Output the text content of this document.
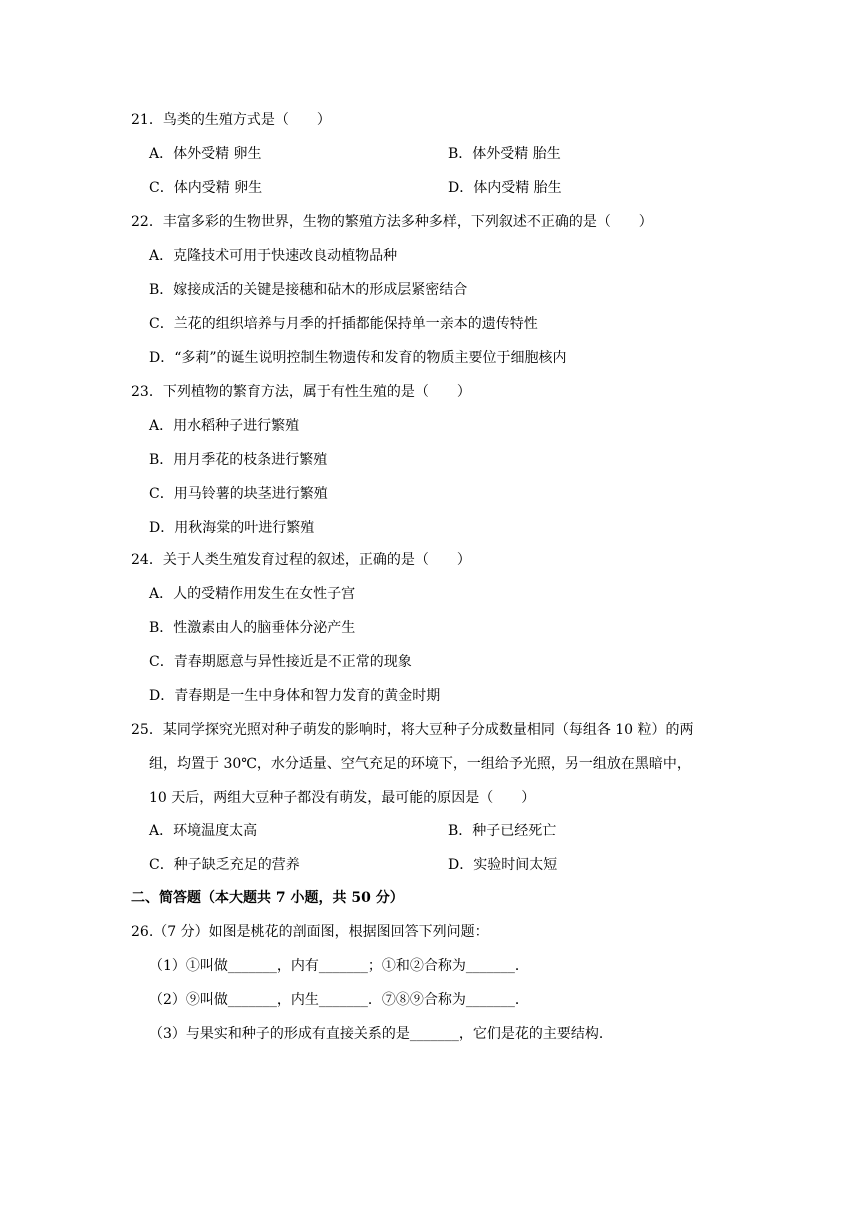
21．鸟类的生殖方式是（　　）
A．体外受精 卵生	B．体外受精 胎生
C．体内受精 卵生	D．体内受精 胎生
22．丰富多彩的生物世界，生物的繁殖方法多种多样，下列叙述不正确的是（　　）
A．克隆技术可用于快速改良动植物品种
B．嫁接成活的关键是接穗和砧木的形成层紧密结合
C．兰花的组织培养与月季的扦插都能保持单一亲本的遗传特性
D．“多莉”的诞生说明控制生物遗传和发育的物质主要位于细胞核内
23．下列植物的繁育方法，属于有性生殖的是（　　）
A．用水稻种子进行繁殖
B．用月季花的枝条进行繁殖
C．用马铃薯的块茎进行繁殖
D．用秋海棠的叶进行繁殖
24．关于人类生殖发育过程的叙述，正确的是（　　）
A．人的受精作用发生在女性子宫
B．性激素由人的脑垂体分泌产生
C．青春期愿意与异性接近是不正常的现象
D．青春期是一生中身体和智力发育的黄金时期
25．某同学探究光照对种子萌发的影响时，将大豆种子分成数量相同（每组各 10 粒）的两
组，均置于 30℃，水分适量、空气充足的环境下，一组给予光照，另一组放在黑暗中，
10 天后，两组大豆种子都没有萌发，最可能的原因是（　　）
A．环境温度太高	B．种子已经死亡
C．种子缺乏充足的营养	D．实验时间太短
二、简答题（本大题共 7 小题，共 50 分）
26.（7 分）如图是桃花的剖面图，根据图回答下列问题：
（1）①叫做_______，内有_______；①和②合称为_______．
（2）⑨叫做_______，内生_______．⑦⑧⑨合称为_______．
（3）与果实和种子的形成有直接关系的是_______，它们是花的主要结构．
